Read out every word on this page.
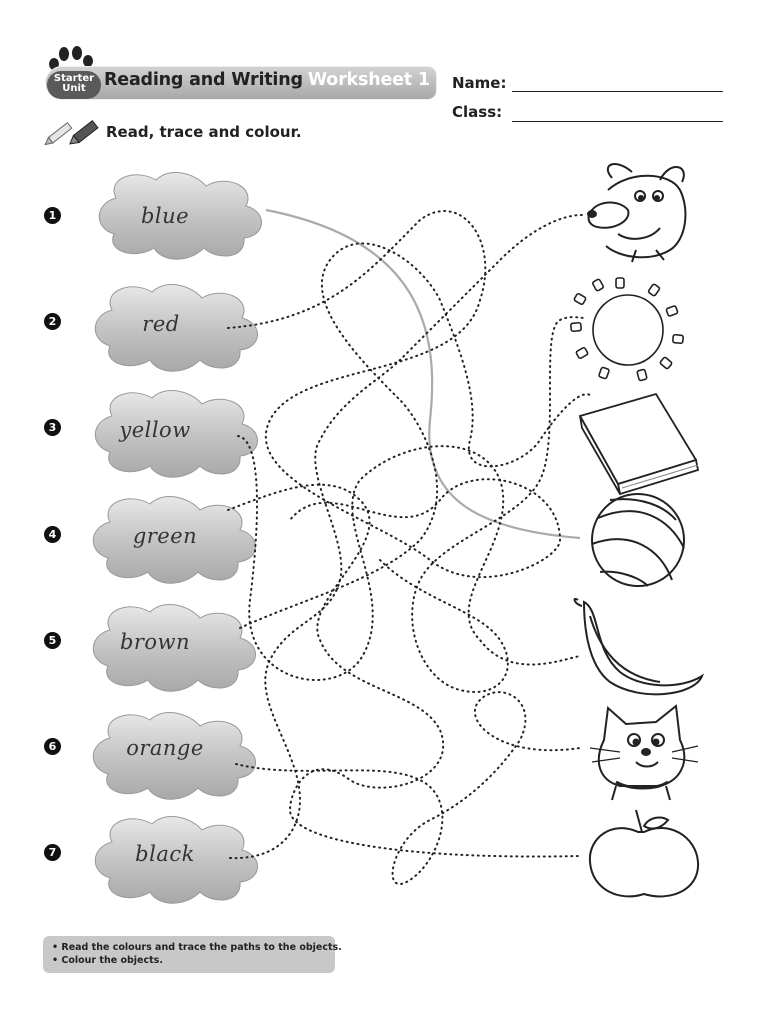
Starter
Unit	Reading and Writing Worksheet 1 Name:
Class:
Read, trace and colour.
1
2
3
4
5
6
7
blue
red
yellow
green
brown
orange
black
• Read the colours and trace the paths to the objects.
• Colour the objects.
